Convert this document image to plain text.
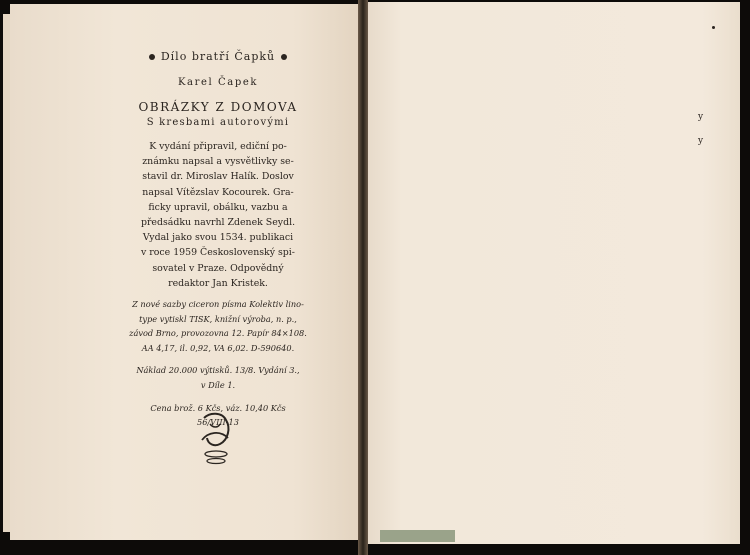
Dílo bratří Čapků
Karel Čapek
OBRÁZKY Z DOMOVA
S kresbami autorovými
K vydání připravil, ediční po-
známku napsal a vysvětlivky se-
stavil dr. Miroslav Halík. Doslov
napsal Vítězslav Kocourek. Gra-
ficky upravil, obálku, vazbu a
předsádku navrhl Zdenek Seydl.
Vydal jako svou 1534. publikaci
v roce 1959 Československý spi-
sovatel v Praze. Odpovědný
redaktor Jan Kristek.
Z nové sazby ciceron písma Kolektiv lino-
type vytiskl TISK, knižní výroba, n. p.,
závod Brno, provozovna 12. Papír 84×108.
AA 4,17, il. 0,92, VA 6,02. D-590640.
Náklad 20.000 výtisků. 13/8. Vydání 3.,
v Díle 1.
Cena brož. 6 Kčs, váz. 10,40 Kčs
56/VIII-13
y
y
